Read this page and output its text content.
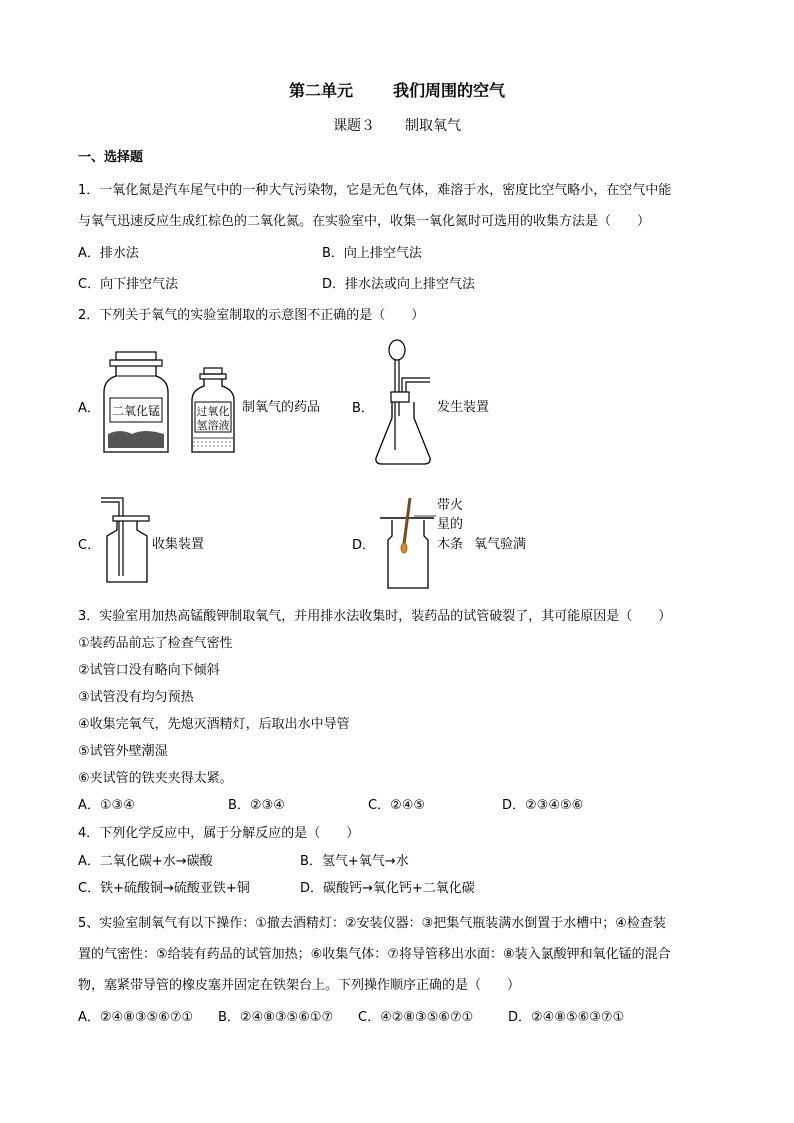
第二单元	我们周围的空气
课题３ 制取氧气
一、选择题
1．一氧化氮是汽车尾气中的一种大气污染物，它是无色气体，难溶于水，密度比空气略小，在空气中能
与氧气迅速反应生成红棕色的二氧化氮。在实验室中，收集一氧化氮时可选用的收集方法是（　　）
A．排水法	B．向上排空气法
C．向下排空气法	D．排水法或向上排空气法
2．下列关于氧气的实验室制取的示意图不正确的是（　　）
A． 二氧化锰	过氧化
氢溶液
制氧气的药品 B．	发生装置
C．	收集装置	D．
带火
星的
木条 氧气验满
3．实验室用加热高锰酸钾制取氧气，并用排水法收集时，装药品的试管破裂了，其可能原因是（　　）
①装药品前忘了检查气密性
②试管口没有略向下倾斜
③试管没有均匀预热
④收集完氧气，先熄灭酒精灯，后取出水中导管
⑤试管外壁潮湿
⑥夹试管的铁夹夹得太紧。
A．①③④	B．②③④	C．②④⑤	D．②③④⑤⑥
4．下列化学反应中，属于分解反应的是（　　）
A．二氧化碳+水→碳酸	B．氢气+氧气→水
C．铁+硫酸铜→硫酸亚铁+铜	D．碳酸钙→氧化钙+二氧化碳
5、实验室制氧气有以下操作：①撤去酒精灯：②安装仪器：③把集气瓶装满水倒置于水槽中；④检查装
置的气密性：⑤给装有药品的试管加热；⑥收集气体：⑦将导管移出水面：⑧装入氯酸钾和氧化锰的混合
物，塞紧带导管的橡皮塞并固定在铁架台上。下列操作顺序正确的是（　　）
A．②④⑧③⑤⑥⑦① B．②④⑧③⑤⑥①⑦ C．④②⑧③⑤⑥⑦①	D．②④⑧⑤⑥③⑦①
